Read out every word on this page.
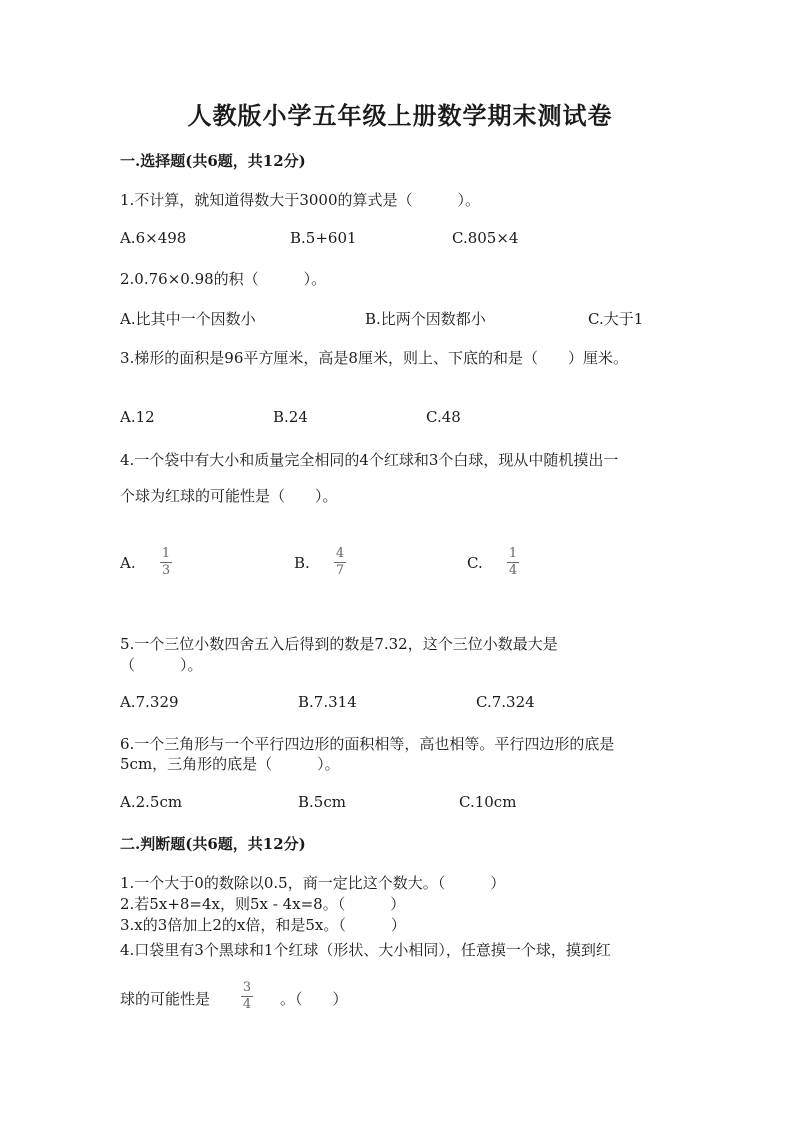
人教版小学五年级上册数学期末测试卷
一.选择题(共6题，共12分)
1.不计算，就知道得数大于3000的算式是（　　　）。
A.6×498	B.5+601	C.805×4
2.0.76×0.98的积（　　　）。
A.比其中一个因数小	B.比两个因数都小	C.大于1
3.梯形的面积是96平方厘米，高是8厘米，则上、下底的和是（　　）厘米。
A.12	B.24	C.48
4.一个袋中有大小和质量完全相同的4个红球和3个白球，现从中随机摸出一
个球为红球的可能性是（　　）。
A.
1
3	B.
4
7	C.
1
4
5.一个三位小数四舍五入后得到的数是7.32，这个三位小数最大是
（　　　）。
A.7.329	B.7.314	C.7.324
6.一个三角形与一个平行四边形的面积相等，高也相等。平行四边形的底是
5cm，三角形的底是（　　　）。
A.2.5cm	B.5cm	C.10cm
二.判断题(共6题，共12分)
1.一个大于0的数除以0.5，商一定比这个数大。（　　　）
2.若5x+8=4x，则5x - 4x=8。（　　　）
3.x的3倍加上2的x倍，和是5x。（　　　）
4.口袋里有3个黑球和1个红球（形状、大小相同），任意摸一个球，摸到红
球的可能性是
3
4 。（　　）
